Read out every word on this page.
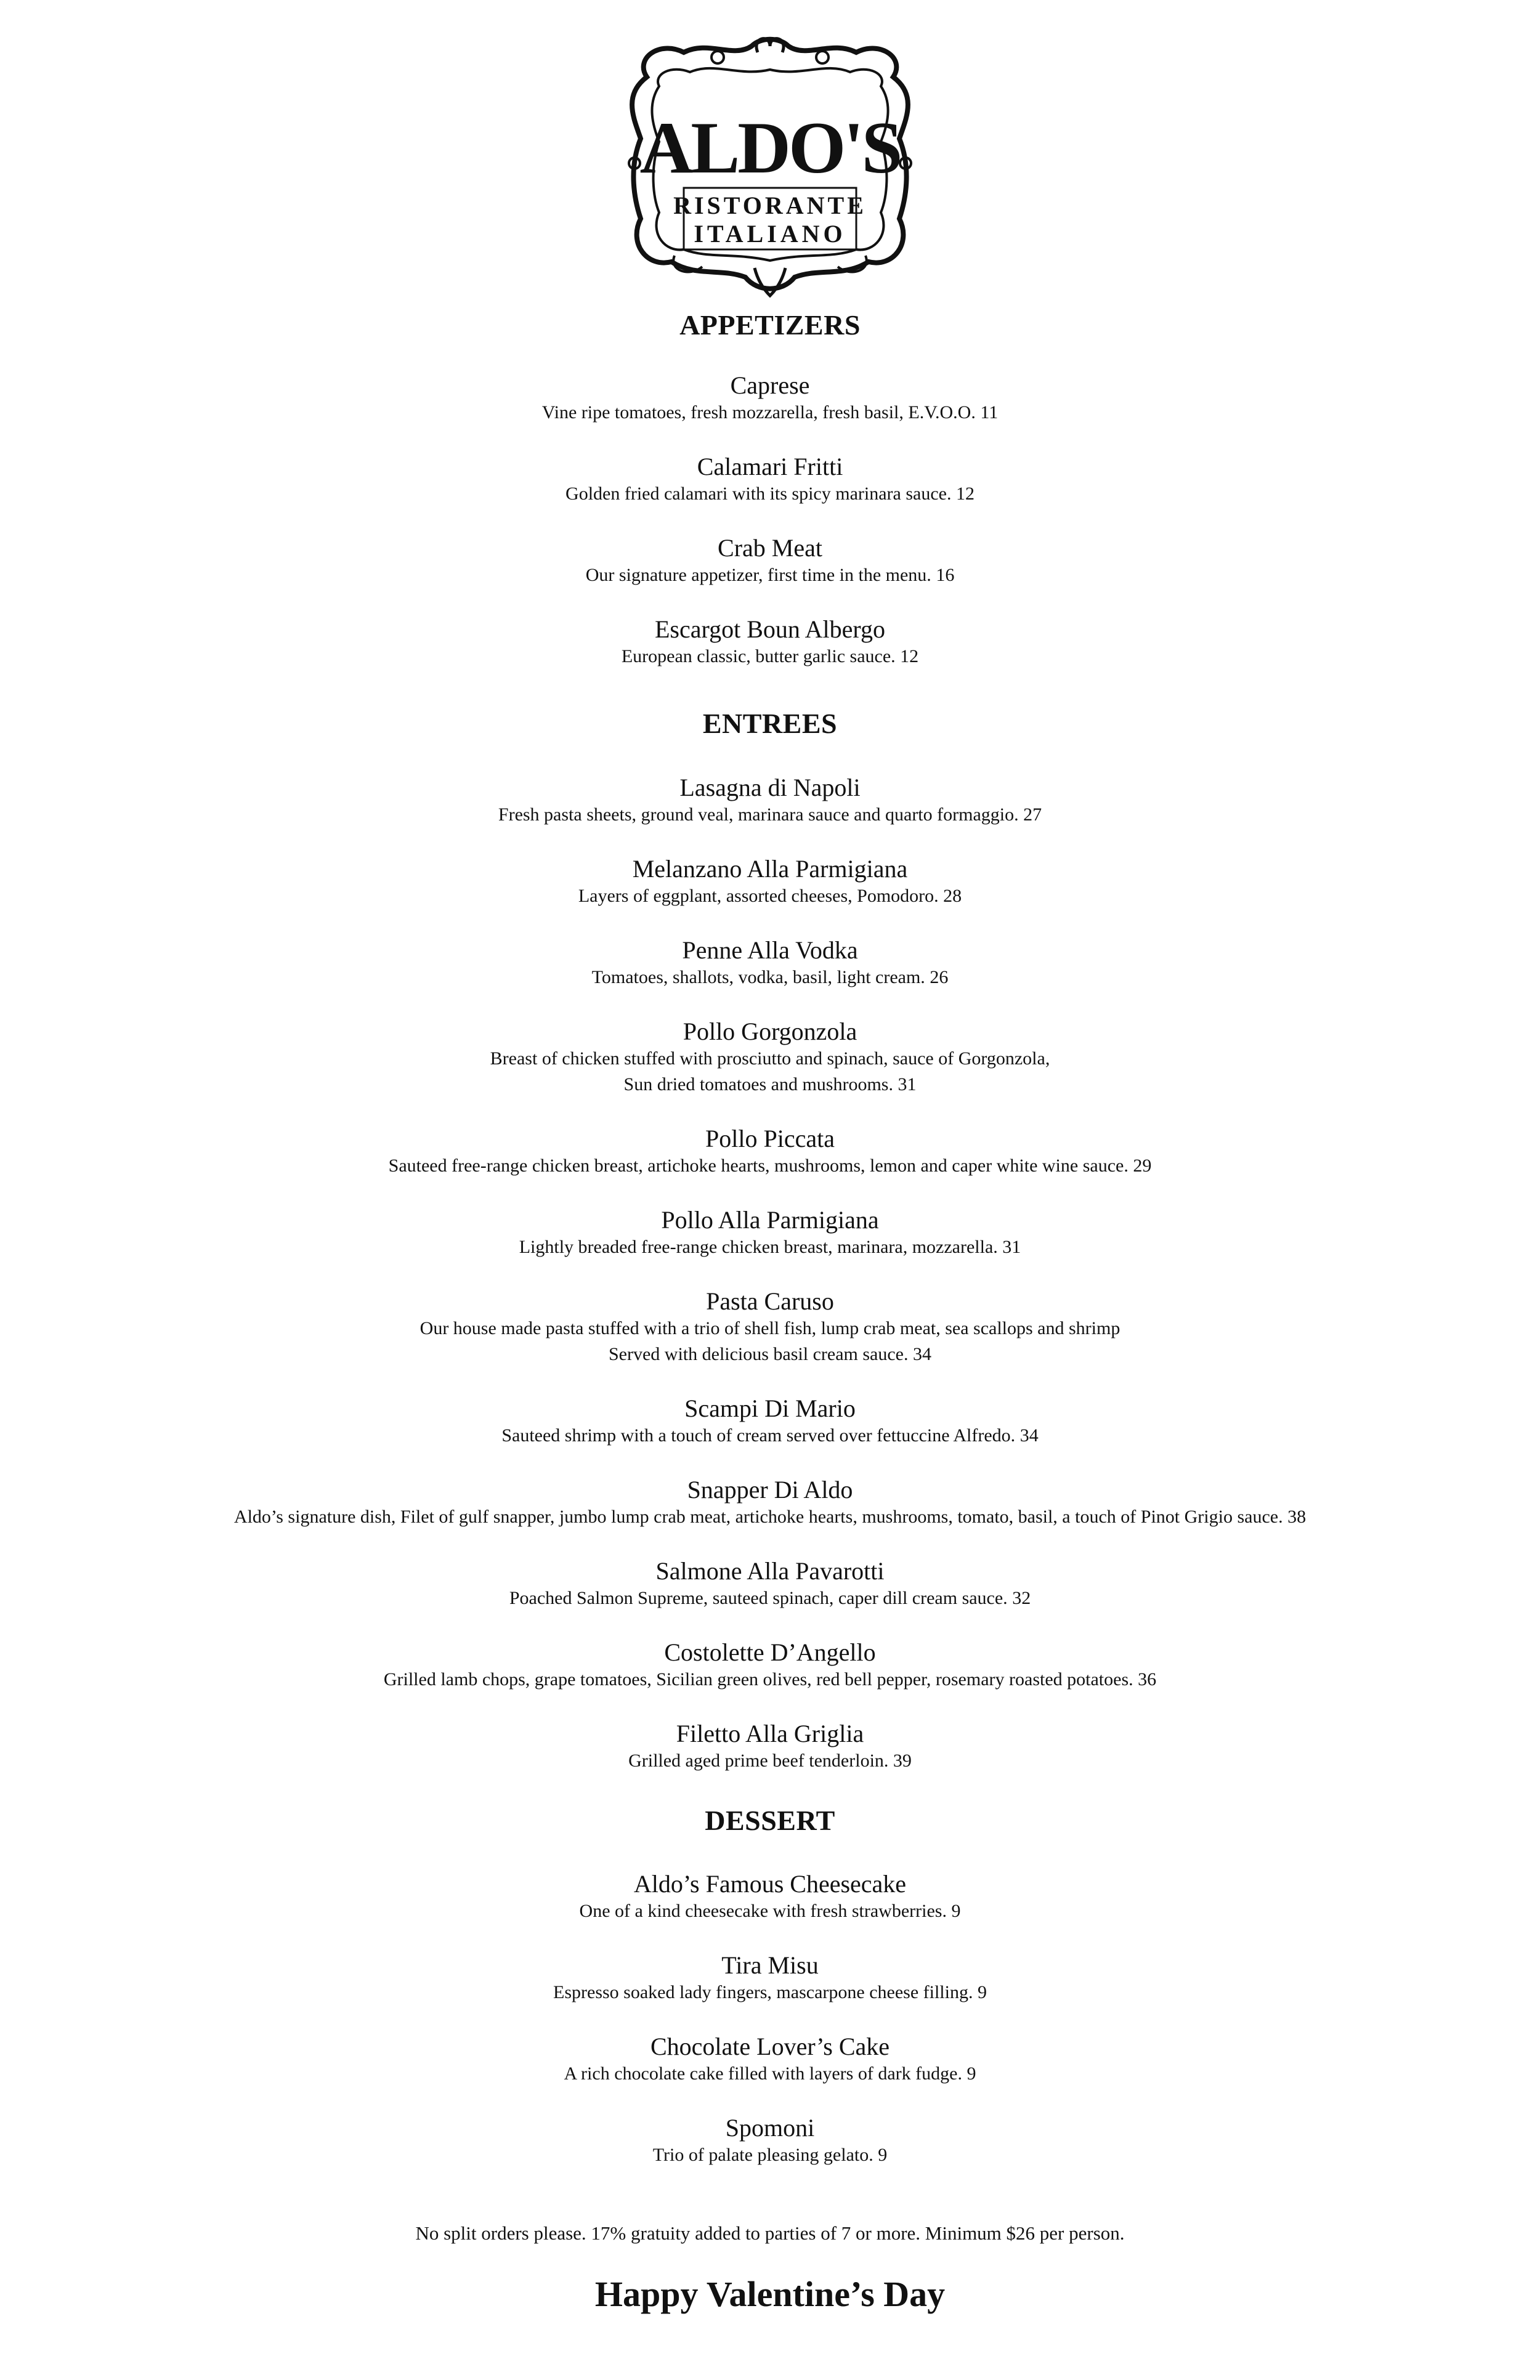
ALDO'S
RISTORANTE
ITALIANO
APPETIZERS
Caprese
Vine ripe tomatoes, fresh mozzarella, fresh basil, E.V.O.O. 11
Calamari Fritti
Golden fried calamari with its spicy marinara sauce. 12
Crab Meat
Our signature appetizer, first time in the menu. 16
Escargot Boun Albergo
European classic, butter garlic sauce. 12
ENTREES
Lasagna di Napoli
Fresh pasta sheets, ground veal, marinara sauce and quarto formaggio. 27
Melanzano Alla Parmigiana
Layers of eggplant, assorted cheeses, Pomodoro. 28
Penne Alla Vodka
Tomatoes, shallots, vodka, basil, light cream. 26
Pollo Gorgonzola
Breast of chicken stuffed with prosciutto and spinach, sauce of Gorgonzola,
Sun dried tomatoes and mushrooms. 31
Pollo Piccata
Sauteed free-range chicken breast, artichoke hearts, mushrooms, lemon and caper white wine sauce. 29
Pollo Alla Parmigiana
Lightly breaded free-range chicken breast, marinara, mozzarella. 31
Pasta Caruso
Our house made pasta stuffed with a trio of shell fish, lump crab meat, sea scallops and shrimp
Served with delicious basil cream sauce. 34
Scampi Di Mario
Sauteed shrimp with a touch of cream served over fettuccine Alfredo. 34
Snapper Di Aldo
Aldo’s signature dish, Filet of gulf snapper, jumbo lump crab meat, artichoke hearts, mushrooms, tomato, basil, a touch of Pinot Grigio sauce. 38
Salmone Alla Pavarotti
Poached Salmon Supreme, sauteed spinach, caper dill cream sauce. 32
Costolette D’Angello
Grilled lamb chops, grape tomatoes, Sicilian green olives, red bell pepper, rosemary roasted potatoes. 36
Filetto Alla Griglia
Grilled aged prime beef tenderloin. 39
DESSERT
Aldo’s Famous Cheesecake
One of a kind cheesecake with fresh strawberries. 9
Tira Misu
Espresso soaked lady fingers, mascarpone cheese filling. 9
Chocolate Lover’s Cake
A rich chocolate cake filled with layers of dark fudge. 9
Spomoni
Trio of palate pleasing gelato. 9
No split orders please. 17% gratuity added to parties of 7 or more. Minimum $26 per person.
Happy Valentine’s Day
